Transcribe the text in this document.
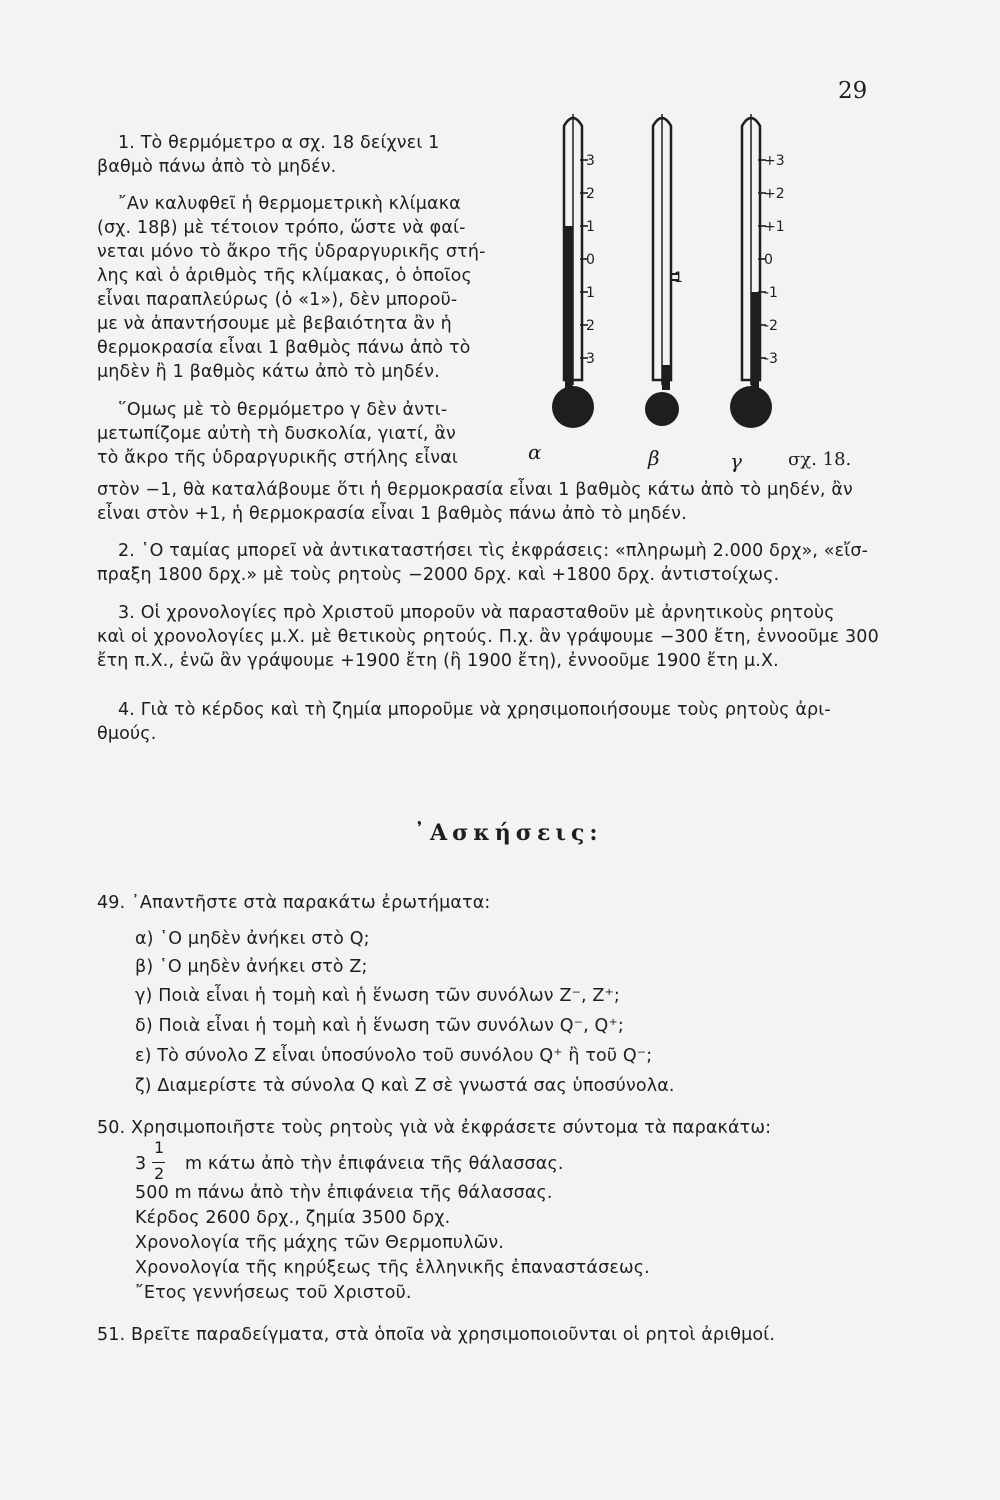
29
3
2
1
0
1
2
3
1
+3
+2
+1
0
-1
-2
-3
α	β	γ	σχ. 18.
1. Τὸ θερμόμετρο α σχ. 18 δείχνει 1
βαθμὸ πάνω ἀπὸ τὸ μηδέν.
῎Αν καλυφθεῖ ἡ θερμομετρικὴ κλίμακα
(σχ. 18β) μὲ τέτοιον τρόπο, ὥστε νὰ φαί-
νεται μόνο τὸ ἄκρο τῆς ὑδραργυρικῆς στή-
λης καὶ ὁ ἀριθμὸς τῆς κλίμακας, ὁ ὁποῖος
εἶναι παραπλεύρως (ὁ «1»), δὲν μποροῦ-
με νὰ ἀπαντήσουμε μὲ βεβαιότητα ἂν ἡ
θερμοκρασία εἶναι 1 βαθμὸς πάνω ἀπὸ τὸ
μηδὲν ἢ 1 βαθμὸς κάτω ἀπὸ τὸ μηδέν.
῞Ομως μὲ τὸ θερμόμετρο γ δὲν ἀντι-
μετωπίζομε αὐτὴ τὴ δυσκολία, γιατί, ἂν
τὸ ἄκρο τῆς ὑδραργυρικῆς στήλης εἶναι
στὸν −1, θὰ καταλάβουμε ὅτι ἡ θερμοκρασία εἶναι 1 βαθμὸς κάτω ἀπὸ τὸ μηδέν, ἂν
εἶναι στὸν +1, ἡ θερμοκρασία εἶναι 1 βαθμὸς πάνω ἀπὸ τὸ μηδέν.
2. ῾Ο ταμίας μπορεῖ νὰ ἀντικαταστήσει τὶς ἐκφράσεις: «πληρωμὴ 2.000 δρχ», «εἴσ-
πραξη 1800 δρχ.» μὲ τοὺς ρητοὺς −2000 δρχ. καὶ +1800 δρχ. ἀντιστοίχως.
3. Οἱ χρονολογίες πρὸ Χριστοῦ μποροῦν νὰ παρασταθοῦν μὲ ἀρνητικοὺς ρητοὺς
καὶ οἱ χρονολογίες μ.Χ. μὲ θετικοὺς ρητούς. Π.χ. ἂν γράψουμε −300 ἔτη, ἐννοοῦμε 300
ἔτη π.Χ., ἐνῶ ἂν γράψουμε +1900 ἔτη (ἢ 1900 ἔτη), ἐννοοῦμε 1900 ἔτη μ.Χ.
4. Γιὰ τὸ κέρδος καὶ τὴ ζημία μποροῦμε νὰ χρησιμοποιήσουμε τοὺς ρητοὺς ἀρι-
θμούς.
᾿Ασκήσεις:
49. ᾿Απαντῆστε στὰ παρακάτω ἐρωτήματα:
α) ῾Ο μηδὲν ἀνήκει στὸ Q;
β) ῾Ο μηδὲν ἀνήκει στὸ Z;
γ) Ποιὰ εἶναι ἡ τομὴ καὶ ἡ ἕνωση τῶν συνόλων Z⁻, Z⁺;
δ) Ποιὰ εἶναι ἡ τομὴ καὶ ἡ ἕνωση τῶν συνόλων Q⁻, Q⁺;
ε) Τὸ σύνολο Z εἶναι ὑποσύνολο τοῦ συνόλου Q⁺ ἢ τοῦ Q⁻;
ζ) Διαμερίστε τὰ σύνολα Q καὶ Z σὲ γνωστά σας ὑποσύνολα.
50. Χρησιμοποιῆστε τοὺς ρητοὺς γιὰ νὰ ἐκφράσετε σύντομα τὰ παρακάτω:
3
1
2 m κάτω ἀπὸ τὴν ἐπιφάνεια τῆς θάλασσας.
500 m πάνω ἀπὸ τὴν ἐπιφάνεια τῆς θάλασσας.
Κέρδος 2600 δρχ., ζημία 3500 δρχ.
Χρονολογία τῆς μάχης τῶν Θερμοπυλῶν.
Χρονολογία τῆς κηρύξεως τῆς ἑλληνικῆς ἐπαναστάσεως.
῎Ετος γεννήσεως τοῦ Χριστοῦ.
51. Βρεῖτε παραδείγματα, στὰ ὁποῖα νὰ χρησιμοποιοῦνται οἱ ρητοὶ ἀριθμοί.
